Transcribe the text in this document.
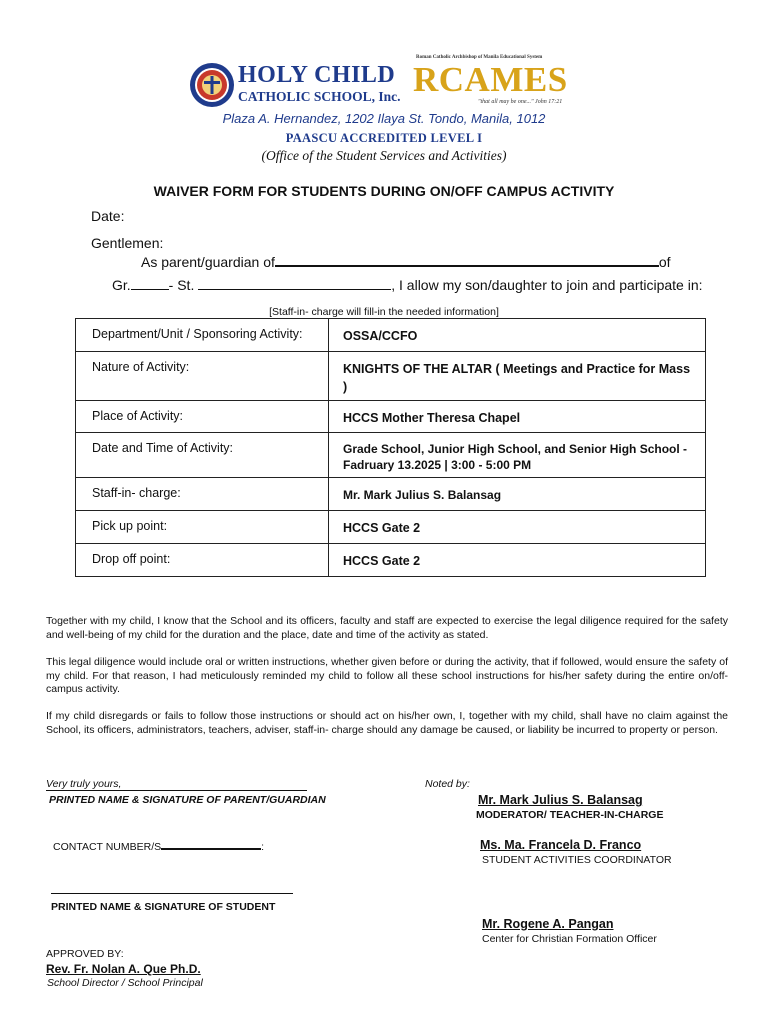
HOLY CHILD
CATHOLIC SCHOOL, Inc.
Roman Catholic Archbishop of Manila Educational System
RCAMES
"that all may be one..." John 17:21
Plaza A. Hernandez, 1202 Ilaya St. Tondo, Manila, 1012
PAASCU ACCREDITED LEVEL I
(Office of the Student Services and Activities)
WAIVER FORM FOR STUDENTS DURING ON/OFF CAMPUS ACTIVITY
Date:
Gentlemen:
As parent/guardian of	of
Gr.	- St.	, I allow my son/daughter to join and participate in:
[Staff-in- charge will fill-in the needed information]
Department/Unit / Sponsoring Activity:	OSSA/CCFO
Nature of Activity:	KNIGHTS OF THE ALTAR ( Meetings and Practice for Mass )
Place of Activity:	HCCS Mother Theresa Chapel
Date and Time of Activity:	Grade School, Junior High School, and Senior High School - Fadruary 13.2025 | 3:00 - 5:00 PM
Staff-in- charge:	Mr. Mark Julius S. Balansag
Pick up point:	HCCS Gate 2
Drop off point:	HCCS Gate 2
Together with my child, I know that the School and its officers, faculty and staff are expected to exercise the legal diligence required for the safety and well-being of my child for the duration and the place, date and time of the activity as stated.
This legal diligence would include oral or written instructions, whether given before or during the activity, that if followed, would ensure the safety of my child. For that reason, I had meticulously reminded my child to follow all these school instructions for his/her safety during the entire on/off-campus activity.
If my child disregards or fails to follow those instructions or should act on his/her own, I, together with my child, shall have no claim against the School, its officers, administrators, teachers, adviser, staff-in- charge should any damage be caused, or liability be incurred to property or person.
Very truly yours,
PRINTED NAME & SIGNATURE OF PARENT/GUARDIAN
CONTACT NUMBER/S	:
PRINTED NAME & SIGNATURE OF STUDENT
APPROVED BY:
Rev. Fr. Nolan A. Que Ph.D.
School Director / School Principal
Noted by:
Mr. Mark Julius S. Balansag
MODERATOR/ TEACHER-IN-CHARGE
Ms. Ma. Francela D. Franco
STUDENT ACTIVITIES COORDINATOR
Mr. Rogene A. Pangan
Center for Christian Formation Officer
